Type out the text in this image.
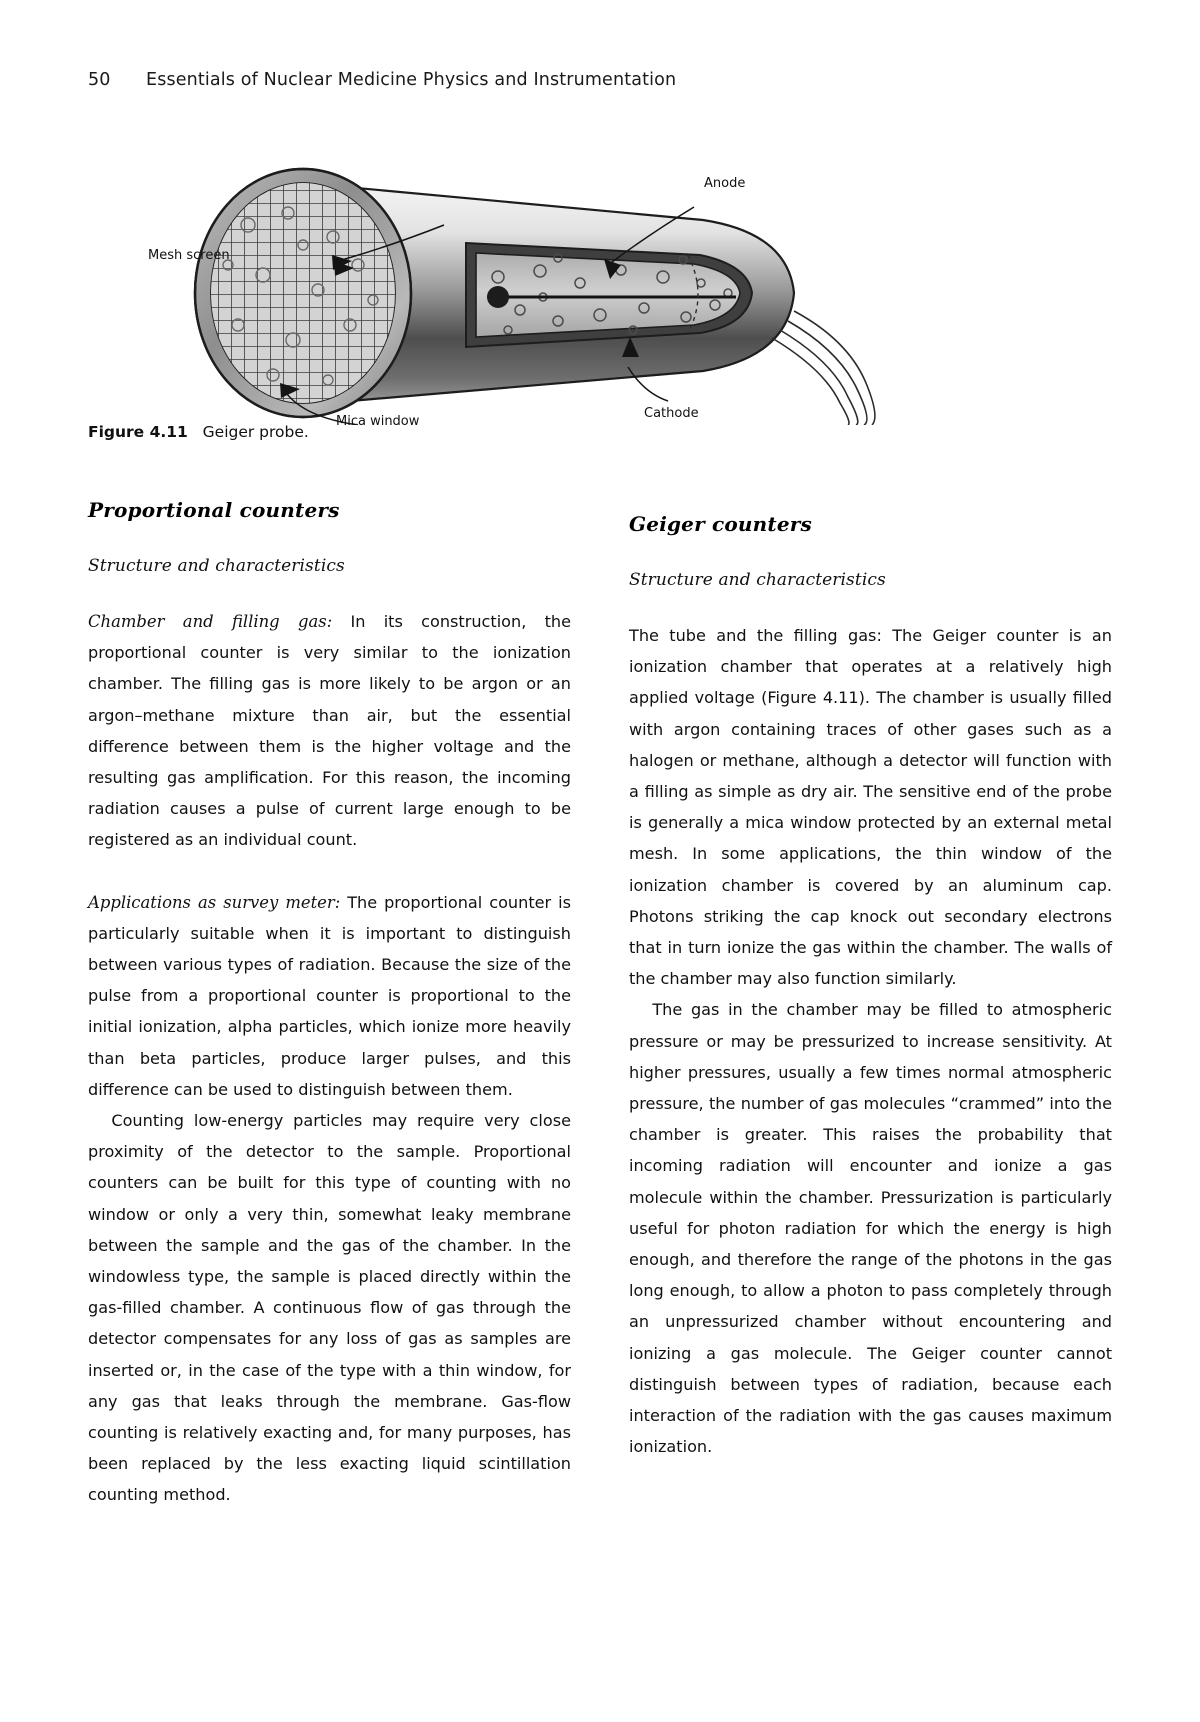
50	Essentials of Nuclear Medicine Physics and Instrumentation
Mesh screen
Mica window
Anode
Cathode
Figure 4.11 Geiger probe.
Proportional counters
Structure and characteristics

Chamber and filling gas: In its construction, the proportional counter is very similar to the ionization chamber. The filling gas is more likely to be argon or an argon–methane mixture than air, but the essential difference between them is the higher voltage and the resulting gas amplification. For this reason, the incoming radiation causes a pulse of current large enough to be registered as an individual count.

Applications as survey meter: The proportional counter is particularly suitable when it is important to distinguish between various types of radiation. Because the size of the pulse from a proportional counter is proportional to the initial ionization, alpha particles, which ionize more heavily than beta particles, produce larger pulses, and this difference can be used to distinguish between them.

Counting low-energy particles may require very close proximity of the detector to the sample. Proportional counters can be built for this type of counting with no window or only a very thin, somewhat leaky membrane between the sample and the gas of the chamber. In the windowless type, the sample is placed directly within the gas-filled chamber. A continuous flow of gas through the detector compensates for any loss of gas as samples are inserted or, in the case of the type with a thin window, for any gas that leaks through the membrane. Gas-flow counting is relatively exacting and, for many purposes, has been replaced by the less exacting liquid scintillation counting method.

Geiger counters
Structure and characteristics

The tube and the filling gas: The Geiger counter is an ionization chamber that operates at a relatively high applied voltage (Figure 4.11). The chamber is usually filled with argon containing traces of other gases such as a halogen or methane, although a detector will function with a filling as simple as dry air. The sensitive end of the probe is generally a mica window protected by an external metal mesh. In some applications, the thin window of the ionization chamber is covered by an aluminum cap. Photons striking the cap knock out secondary electrons that in turn ionize the gas within the chamber. The walls of the chamber may also function similarly.

The gas in the chamber may be filled to atmospheric pressure or may be pressurized to increase sensitivity. At higher pressures, usually a few times normal atmospheric pressure, the number of gas molecules “crammed” into the chamber is greater. This raises the probability that incoming radiation will encounter and ionize a gas molecule within the chamber. Pressurization is particularly useful for photon radiation for which the energy is high enough, and therefore the range of the photons in the gas long enough, to allow a photon to pass completely through an unpressurized chamber without encountering and ionizing a gas molecule. The Geiger counter cannot distinguish between types of radiation, because each interaction of the radiation with the gas causes maximum ionization.
